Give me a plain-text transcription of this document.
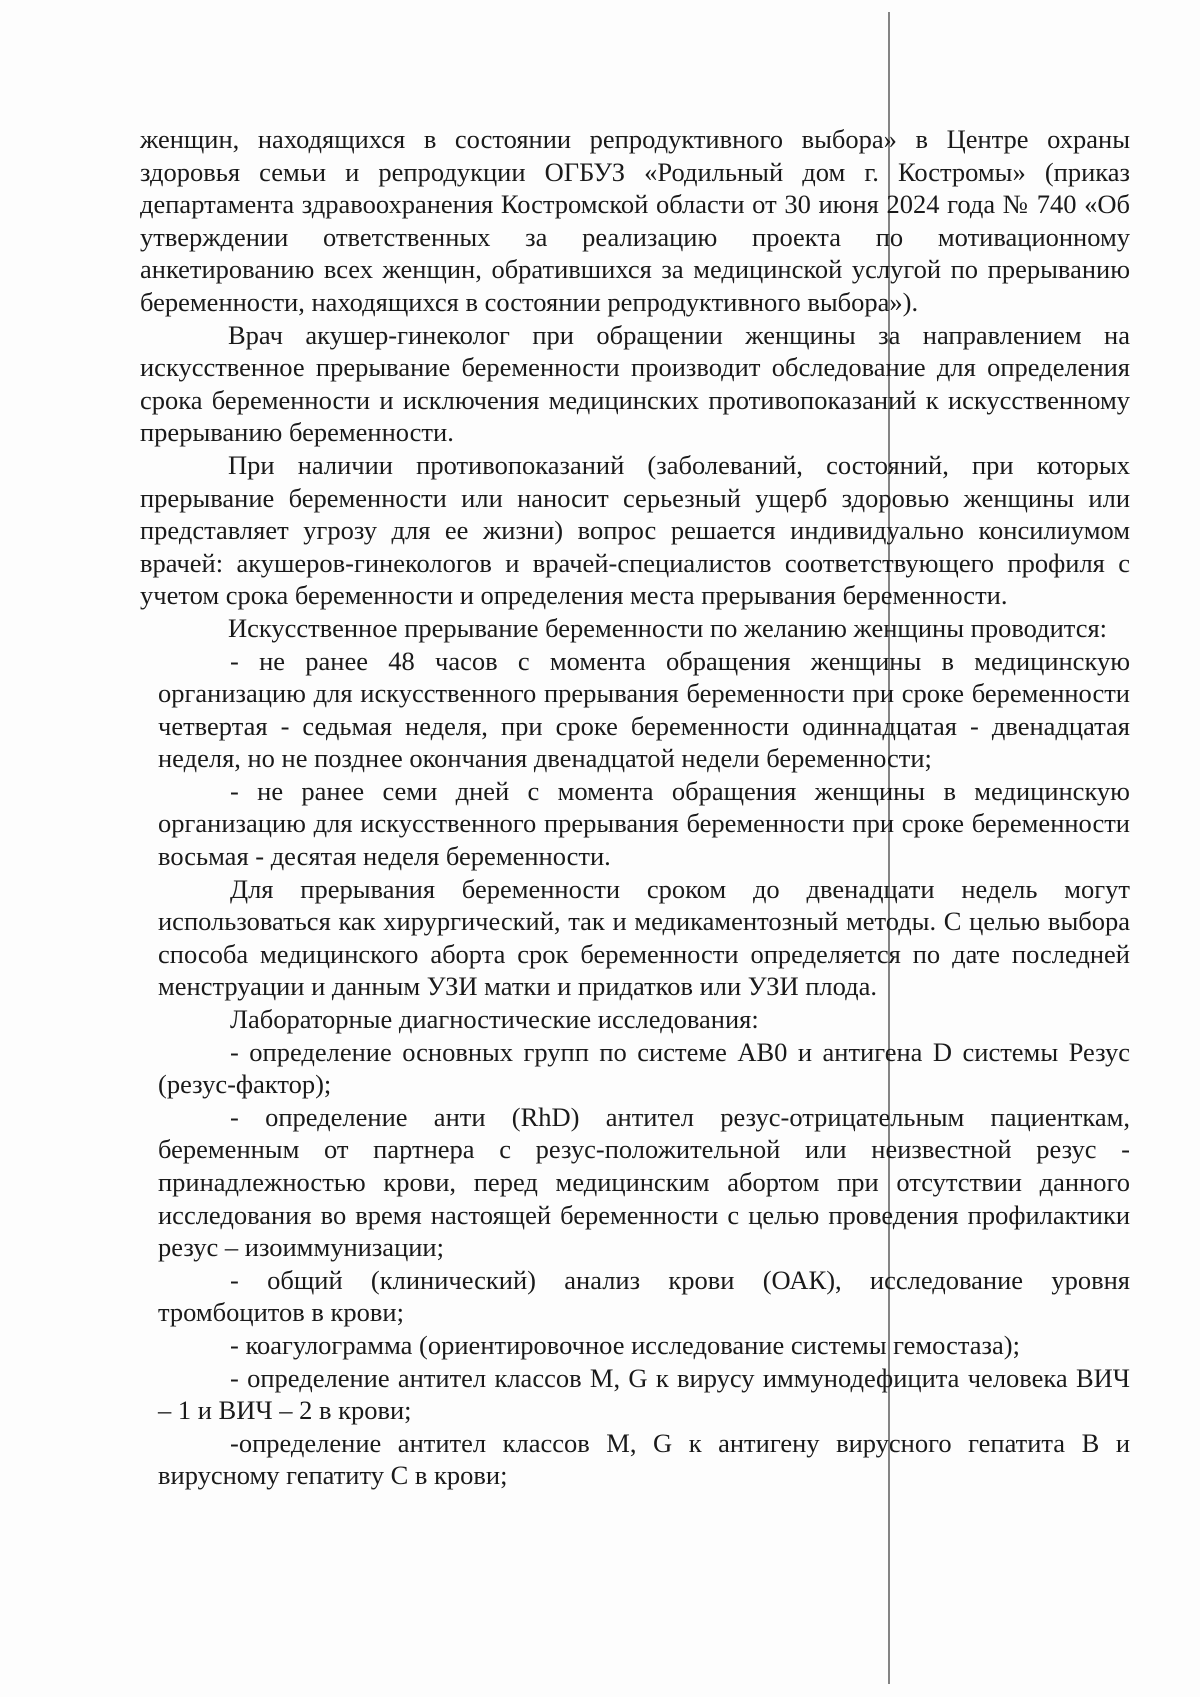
женщин, находящихся в состоянии репродуктивного выбора» в Центре охраны здоровья семьи и репродукции ОГБУЗ «Родильный дом г. Костромы» (приказ департамента здравоохранения Костромской области от 30 июня 2024 года № 740 «Об утверждении ответственных за реализацию проекта по мотивационному анкетированию всех женщин, обратившихся за медицинской услугой по прерыванию беременности, находящихся в состоянии репродуктивного выбора»).

Врач акушер-гинеколог при обращении женщины за направлением на искусственное прерывание беременности производит обследование для определения срока беременности и исключения медицинских противопоказаний к искусственному прерыванию беременности.

При наличии противопоказаний (заболеваний, состояний, при которых прерывание беременности или наносит серьезный ущерб здоровью женщины или представляет угрозу для ее жизни) вопрос решается индивидуально консилиумом врачей: акушеров-гинекологов и врачей-специалистов соответствующего профиля с учетом срока беременности и определения места прерывания беременности.

Искусственное прерывание беременности по желанию женщины проводится:

- не ранее 48 часов с момента обращения женщины в медицинскую организацию для искусственного прерывания беременности при сроке беременности четвертая - седьмая неделя, при сроке беременности одиннадцатая - двенадцатая неделя, но не позднее окончания двенадцатой недели беременности;

- не ранее семи дней с момента обращения женщины в медицинскую организацию для искусственного прерывания беременности при сроке беременности восьмая - десятая неделя беременности.

Для прерывания беременности сроком до двенадцати недель могут использоваться как хирургический, так и медикаментозный методы. С целью выбора способа медицинского аборта срок беременности определяется по дате последней менструации и данным УЗИ матки и придатков или УЗИ плода.

Лабораторные диагностические исследования:

- определение основных групп по системе AB0 и антигена D системы Резус (резус-фактор);

- определение анти (RhD) антител резус-отрицательным пациенткам, беременным от партнера с резус-положительной или неизвестной резус - принадлежностью крови, перед медицинским абортом при отсутствии данного исследования во время настоящей беременности с целью проведения профилактики резус – изоиммунизации;

- общий (клинический) анализ крови (ОАК), исследование уровня тромбоцитов в крови;

- коагулограмма (ориентировочное исследование системы гемостаза);

- определение антител классов M, G к вирусу иммунодефицита человека ВИЧ – 1 и ВИЧ – 2 в крови;

-определение антител классов M, G к антигену вирусного гепатита B и вирусному гепатиту C в крови;
